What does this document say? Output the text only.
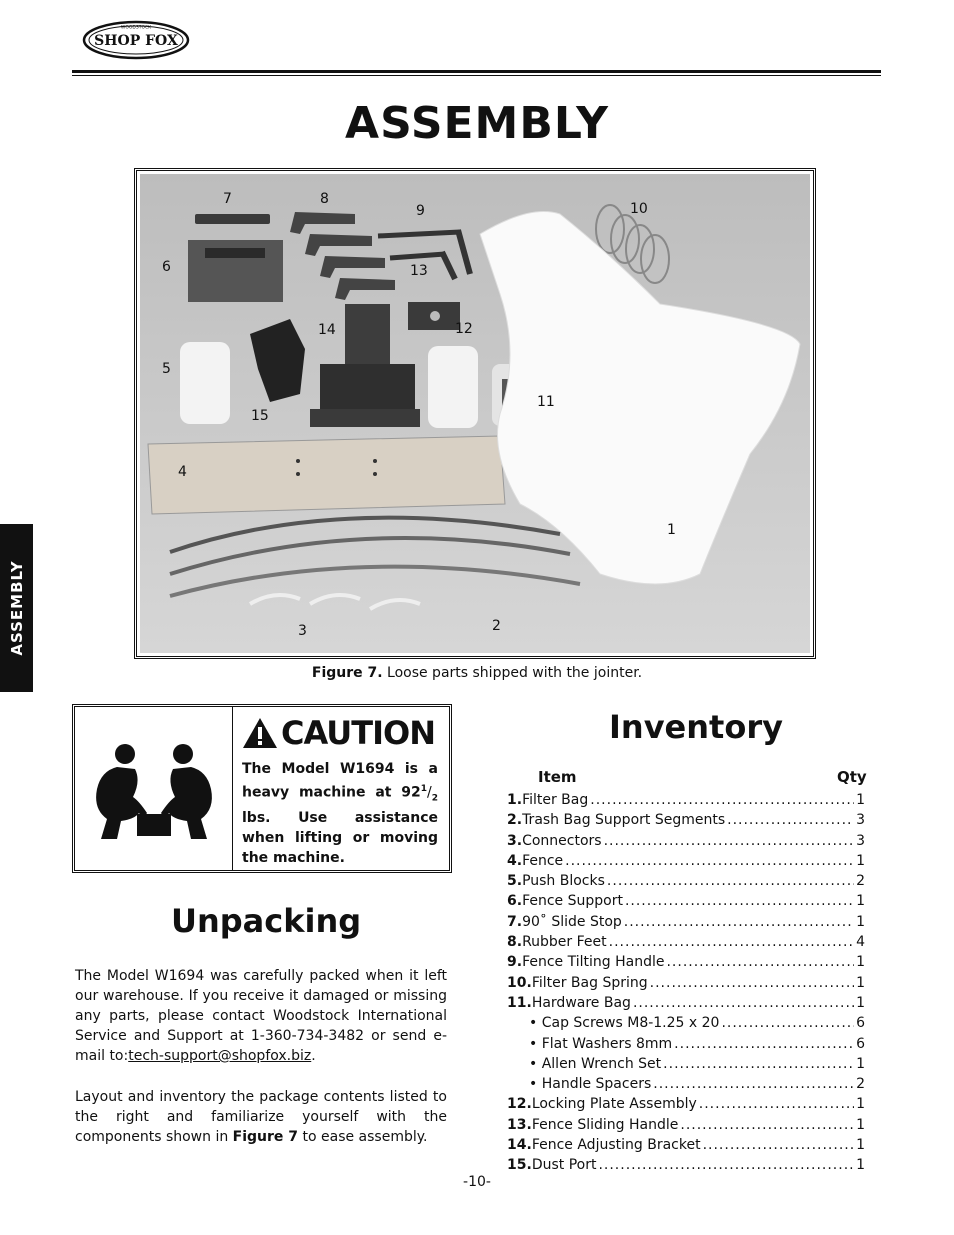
SHOP FOX
WOODSTOCK
ASSEMBLY
7	8
9	10
6	13
14	12
5
15
11
4
1
3	2
Figure 7. Loose parts shipped with the jointer.
ASSEMBLY
CAUTION
The Model W1694 is a heavy machine at $92^1/_2$ lbs. Use assistance when lifting or moving the machine.
Unpacking

The Model W1694 was carefully packed when it left our warehouse. If you receive it damaged or missing any parts, please contact Woodstock International Service and Support at 1-360-734-3482 or send e-mail to:tech-support@shopfox.biz.

Layout and inventory the package contents listed to the right and familiarize yourself with the components shown in Figure 7 to ease assembly.

Inventory
Item	Qty
1. Filter Bag .....	1
2. Trash Bag Support Segments .....	3
3. Connectors .....	3
4. Fence .....	1
5. Push Blocks .....	2
6. Fence Support .....	1
7. 90˚ Slide Stop .....	1
8. Rubber Feet .....	4
9. Fence Tilting Handle .....	1
10. Filter Bag Spring .....	1
11. Hardware Bag .....	1
• Cap Screws M8-1.25 x 20 .....	6
• Flat Washers 8mm .....	6
• Allen Wrench Set .....	1
• Handle Spacers .....	2
12. Locking Plate Assembly .....	1
13. Fence Sliding Handle .....	1
14. Fence Adjusting Bracket .....	1
15. Dust Port .....	1
-10-
